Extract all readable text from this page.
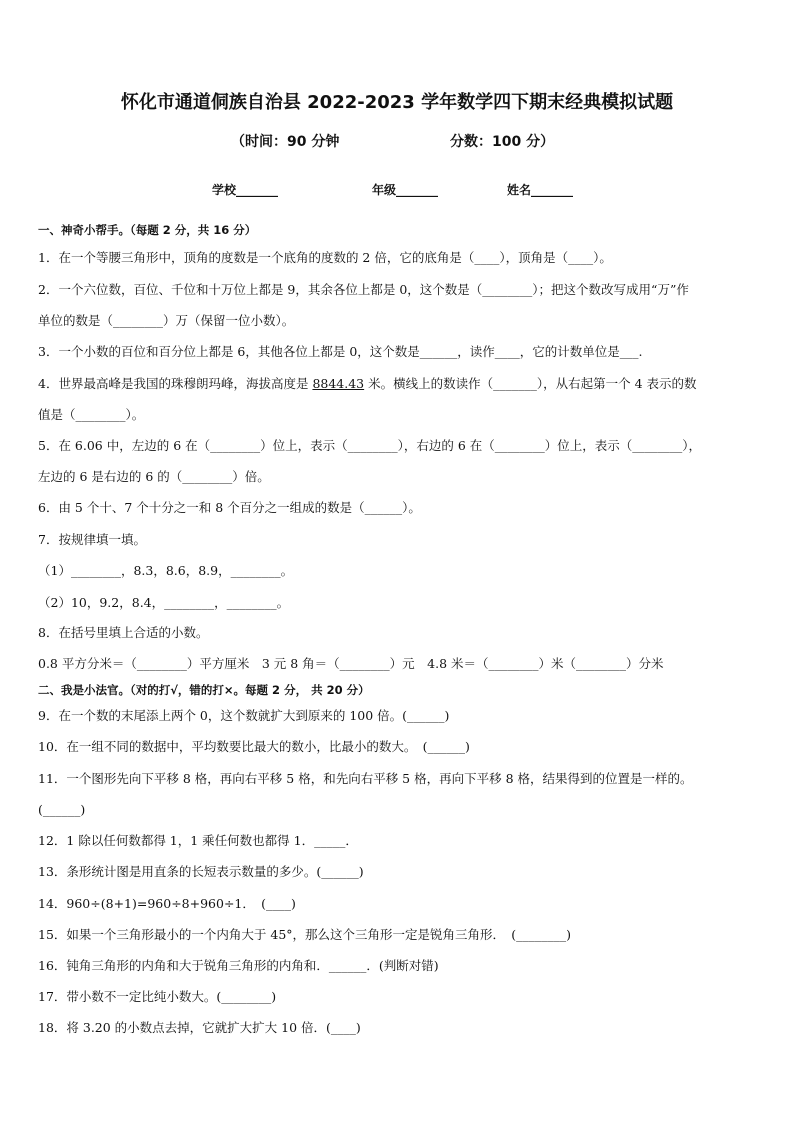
怀化市通道侗族自治县 2022-2023 学年数学四下期末经典模拟试题
（时间：90 分钟	分数：100 分）
学校_______	年级_______	姓名_______
一、神奇小帮手。（每题 2 分，共 16 分）
1．在一个等腰三角形中，顶角的度数是一个底角的度数的 2 倍，它的底角是（____），顶角是（____）。
2．一个六位数，百位、千位和十万位上都是 9，其余各位上都是 0，这个数是（________）；把这个数改写成用“万”作
单位的数是（________）万（保留一位小数）。
3．一个小数的百位和百分位上都是 6，其他各位上都是 0，这个数是______，读作____，它的计数单位是___.
4．世界最高峰是我国的珠穆朗玛峰，海拔高度是 8844.43 米。横线上的数读作（_______），从右起第一个 4 表示的数
值是（________）。
5．在 6.06 中，左边的 6 在（________）位上，表示（________），右边的 6 在（________）位上，表示（________），
左边的 6 是右边的 6 的（________）倍。
6．由 5 个十、7 个十分之一和 8 个百分之一组成的数是（______）。
7．按规律填一填。
（1）________，8.3，8.6，8.9，________。
（2）10，9.2，8.4，________，________。
8．在括号里填上合适的小数。
0.8 平方分米＝（________）平方厘米　3 元 8 角＝（________）元　4.8 米＝（________）米（________）分米
二、我是小法官。（对的打√，错的打×。每题 2 分， 共 20 分）
9．在一个数的末尾添上两个 0，这个数就扩大到原来的 100 倍。(______)
10．在一组不同的数据中，平均数要比最大的数小，比最小的数大。　(______)
11．一个图形先向下平移 8 格，再向右平移 5 格，和先向右平移 5 格，再向下平移 8 格，结果得到的位置是一样的。
(______)
12．1 除以任何数都得 1，1 乘任何数也都得 1．_____．
13．条形统计图是用直条的长短表示数量的多少。(______)
14．960÷(8+1)=960÷8+960÷1．　(____)
15．如果一个三角形最小的一个内角大于 45°，那么这个三角形一定是锐角三角形．　(________)
16．钝角三角形的内角和大于锐角三角形的内角和．______．(判断对错)
17．带小数不一定比纯小数大。(________)
18．将 3.20 的小数点去掉，它就扩大扩大 10 倍．(____)
